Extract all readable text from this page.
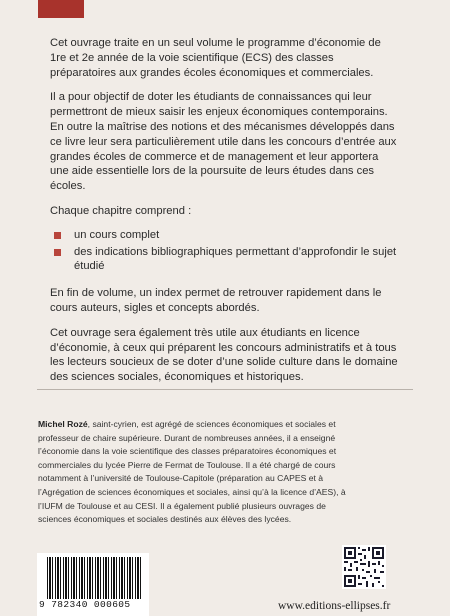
Cet ouvrage traite en un seul volume le programme d’économie de 1re et 2e année de la voie scientifique (ECS) des classes préparatoires aux grandes écoles économiques et commerciales.

Il a pour objectif de doter les étudiants de connaissances qui leur permettront de mieux saisir les enjeux économiques contemporains. En outre la maîtrise des notions et des mécanismes développés dans ce livre leur sera particulièrement utile dans les concours d’entrée aux grandes écoles de commerce et de management et leur apportera une aide essentielle lors de la poursuite de leurs études dans ces écoles.

Chaque chapitre comprend :

un cours complet
des indications bibliographiques permettant d’approfondir le sujet étudié

En fin de volume, un index permet de retrouver rapidement dans le cours auteurs, sigles et concepts abordés.

Cet ouvrage sera également très utile aux étudiants en licence d’économie, à ceux qui préparent les concours administratifs et à tous les lecteurs soucieux de se doter d’une solide culture dans le domaine des sciences sociales, économiques et historiques.

Michel Rozé, saint-cyrien, est agrégé de sciences économiques et sociales et professeur de chaire supérieure. Durant de nombreuses années, il a enseigné l’économie dans la voie scientifique des classes préparatoires économiques et commerciales du lycée Pierre de Fermat de Toulouse. Il a été chargé de cours notamment à l’université de Toulouse-Capitole (préparation au CAPES et à l’Agrégation de sciences économiques et sociales, ainsi qu’à la licence d’AES), à l’IUFM de Toulouse et au CESI. Il a également publié plusieurs ouvrages de sciences économiques et sociales destinés aux élèves des lycées.
9 782340 000605	www.editions-ellipses.fr
